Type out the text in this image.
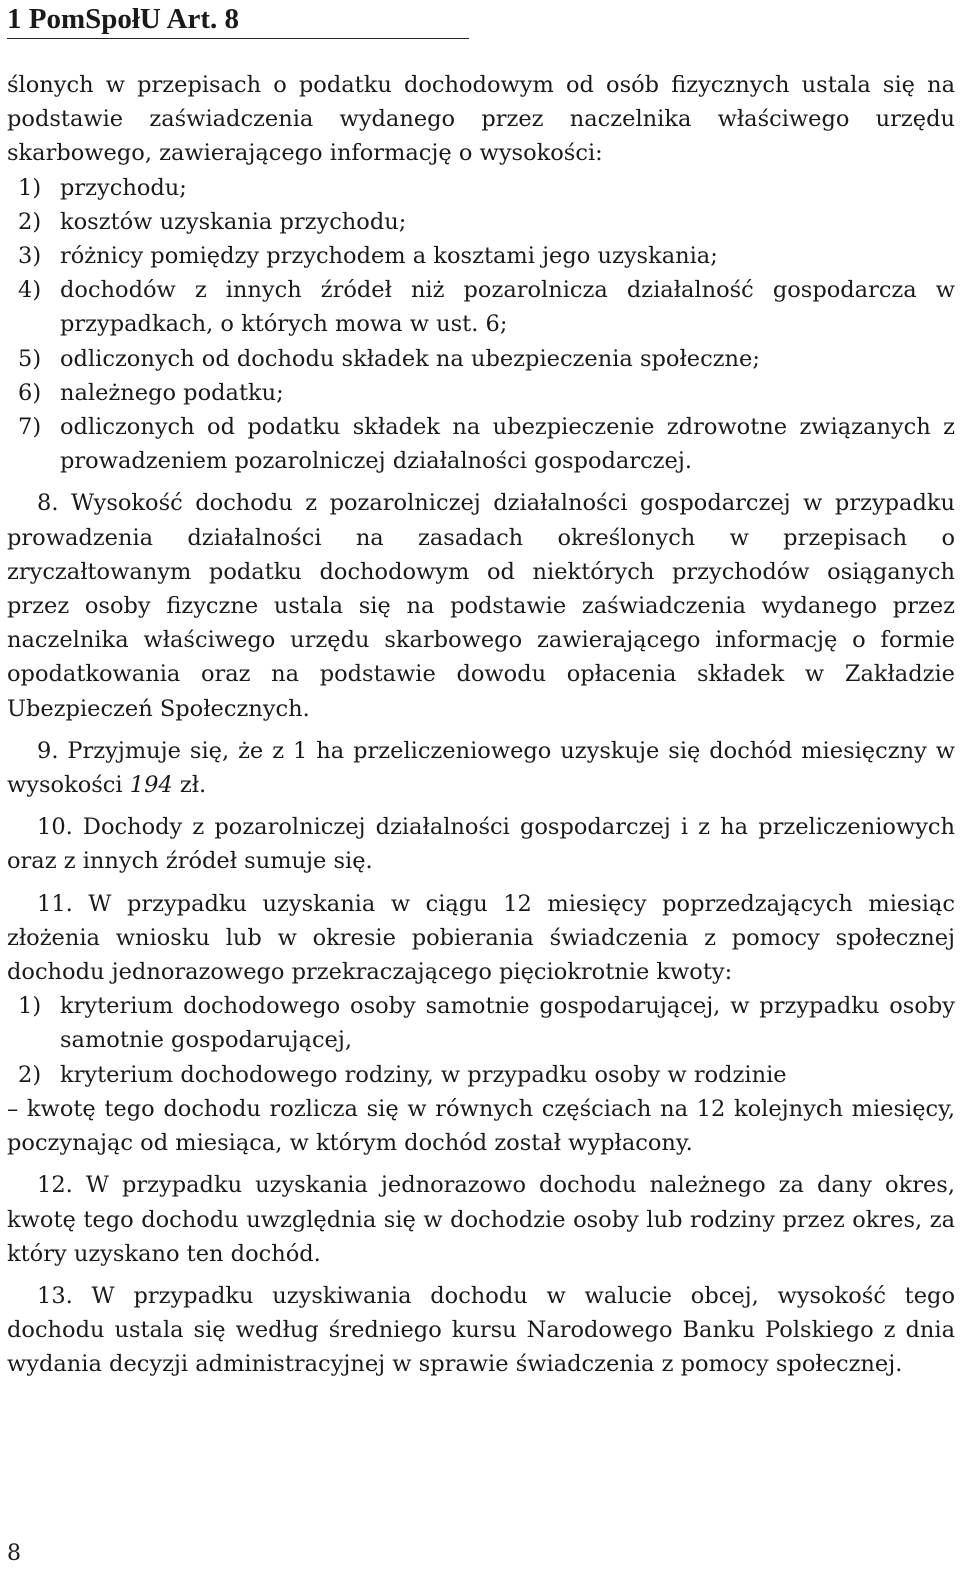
1 PomSpołU Art. 8

ślonych w przepisach o podatku dochodowym od osób fizycznych ustala się na podstawie zaświadczenia wydanego przez naczelnika właściwego urzędu skarbowego, zawierającego informację o wysokości:

1) przychodu;

2) kosztów uzyskania przychodu;

3) różnicy pomiędzy przychodem a kosztami jego uzyskania;

4) dochodów z innych źródeł niż pozarolnicza działalność gospodarcza w przypadkach, o których mowa w ust. 6;

5) odliczonych od dochodu składek na ubezpieczenia społeczne;

6) należnego podatku;

7) odliczonych od podatku składek na ubezpieczenie zdrowotne związanych z prowadzeniem pozarolniczej działalności gospodarczej.

8. Wysokość dochodu z pozarolniczej działalności gospodarczej w przypadku prowadzenia działalności na zasadach określonych w przepisach o zryczałtowanym podatku dochodowym od niektórych przychodów osiąganych przez osoby fizyczne ustala się na podstawie zaświadczenia wydanego przez naczelnika właściwego urzędu skarbowego zawierającego informację o formie opodatkowania oraz na podstawie dowodu opłacenia składek w Zakładzie Ubezpieczeń Społecznych.

9. Przyjmuje się, że z 1 ha przeliczeniowego uzyskuje się dochód miesięczny w wysokości 194 zł.

10. Dochody z pozarolniczej działalności gospodarczej i z ha przeliczeniowych oraz z innych źródeł sumuje się.

11. W przypadku uzyskania w ciągu 12 miesięcy poprzedzających miesiąc złożenia wniosku lub w okresie pobierania świadczenia z pomocy społecznej dochodu jednorazowego przekraczającego pięciokrotnie kwoty:

1) kryterium dochodowego osoby samotnie gospodarującej, w przypadku osoby samotnie gospodarującej,

2) kryterium dochodowego rodziny, w przypadku osoby w rodzinie

– kwotę tego dochodu rozlicza się w równych częściach na 12 kolejnych miesięcy, poczynając od miesiąca, w którym dochód został wypłacony.

12. W przypadku uzyskania jednorazowo dochodu należnego za dany okres, kwotę tego dochodu uwzględnia się w dochodzie osoby lub rodziny przez okres, za który uzyskano ten dochód.

13. W przypadku uzyskiwania dochodu w walucie obcej, wysokość tego dochodu ustala się według średniego kursu Narodowego Banku Polskiego z dnia wydania decyzji administracyjnej w sprawie świadczenia z pomocy społecznej.

8
